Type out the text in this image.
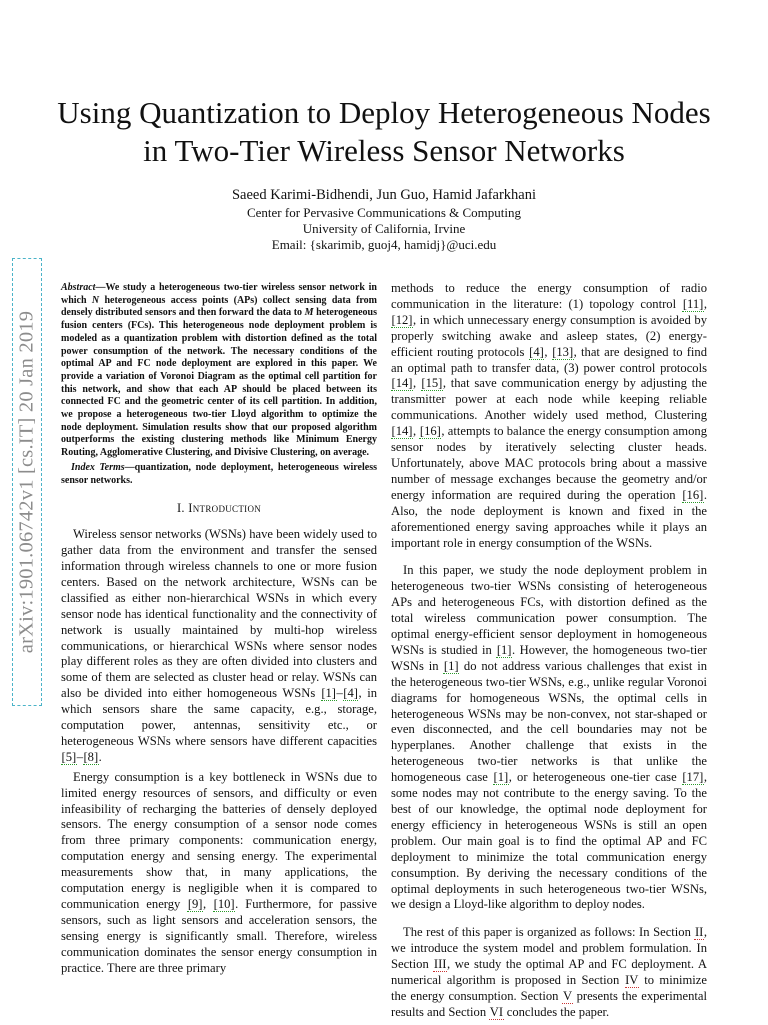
arXiv:1901.06742v1 [cs.IT] 20 Jan 2019
Using Quantization to Deploy Heterogeneous Nodes
in Two-Tier Wireless Sensor Networks
Saeed Karimi-Bidhendi, Jun Guo, Hamid Jafarkhani
Center for Pervasive Communications & Computing
University of California, Irvine
Email: {skarimib, guoj4, hamidj}@uci.edu

Abstract—We study a heterogeneous two-tier wireless sensor network in which N heterogeneous access points (APs) collect sensing data from densely distributed sensors and then forward the data to M heterogeneous fusion centers (FCs). This heterogeneous node deployment problem is modeled as a quantization problem with distortion defined as the total power consumption of the network. The necessary conditions of the optimal AP and FC node deployment are explored in this paper. We provide a variation of Voronoi Diagram as the optimal cell partition for this network, and show that each AP should be placed between its connected FC and the geometric center of its cell partition. In addition, we propose a heterogeneous two-tier Lloyd algorithm to optimize the node deployment. Simulation results show that our proposed algorithm outperforms the existing clustering methods like Minimum Energy Routing, Agglomerative Clustering, and Divisive Clustering, on average.

Index Terms—quantization, node deployment, heterogeneous wireless sensor networks.

I. Introduction

Wireless sensor networks (WSNs) have been widely used to gather data from the environment and transfer the sensed information through wireless channels to one or more fusion centers. Based on the network architecture, WSNs can be classified as either non-hierarchical WSNs in which every sensor node has identical functionality and the connectivity of network is usually maintained by multi-hop wireless communications, or hierarchical WSNs where sensor nodes play different roles as they are often divided into clusters and some of them are selected as cluster head or relay. WSNs can also be divided into either homogeneous WSNs [1]–[4], in which sensors share the same capacity, e.g., storage, computation power, antennas, sensitivity etc., or heterogeneous WSNs where sensors have different capacities [5]–[8].

Energy consumption is a key bottleneck in WSNs due to limited energy resources of sensors, and difficulty or even infeasibility of recharging the batteries of densely deployed sensors. The energy consumption of a sensor node comes from three primary components: communication energy, computation energy and sensing energy. The experimental measurements show that, in many applications, the computation energy is negligible when it is compared to communication energy [9], [10]. Furthermore, for passive sensors, such as light sensors and acceleration sensors, the sensing energy is significantly small. Therefore, wireless communication dominates the sensor energy consumption in practice. There are three primary

methods to reduce the energy consumption of radio communication in the literature: (1) topology control [11], [12], in which unnecessary energy consumption is avoided by properly switching awake and asleep states, (2) energy-efficient routing protocols [4], [13], that are designed to find an optimal path to transfer data, (3) power control protocols [14], [15], that save communication energy by adjusting the transmitter power at each node while keeping reliable communications. Another widely used method, Clustering [14], [16], attempts to balance the energy consumption among sensor nodes by iteratively selecting cluster heads. Unfortunately, above MAC protocols bring about a massive number of message exchanges because the geometry and/or energy information are required during the operation [16]. Also, the node deployment is known and fixed in the aforementioned energy saving approaches while it plays an important role in energy consumption of the WSNs.

In this paper, we study the node deployment problem in heterogeneous two-tier WSNs consisting of heterogeneous APs and heterogeneous FCs, with distortion defined as the total wireless communication power consumption. The optimal energy-efficient sensor deployment in homogeneous WSNs is studied in [1]. However, the homogeneous two-tier WSNs in [1] do not address various challenges that exist in the heterogeneous two-tier WSNs, e.g., unlike regular Voronoi diagrams for homogeneous WSNs, the optimal cells in heterogeneous WSNs may be non-convex, not star-shaped or even disconnected, and the cell boundaries may not be hyperplanes. Another challenge that exists in the heterogeneous two-tier networks is that unlike the homogeneous case [1], or heterogeneous one-tier case [17], some nodes may not contribute to the energy saving. To the best of our knowledge, the optimal node deployment for energy efficiency in heterogeneous WSNs is still an open problem. Our main goal is to find the optimal AP and FC deployment to minimize the total communication energy consumption. By deriving the necessary conditions of the optimal deployments in such heterogeneous two-tier WSNs, we design a Lloyd-like algorithm to deploy nodes.

The rest of this paper is organized as follows: In Section II, we introduce the system model and problem formulation. In Section III, we study the optimal AP and FC deployment. A numerical algorithm is proposed in Section IV to minimize the energy consumption. Section V presents the experimental results and Section VI concludes the paper.
